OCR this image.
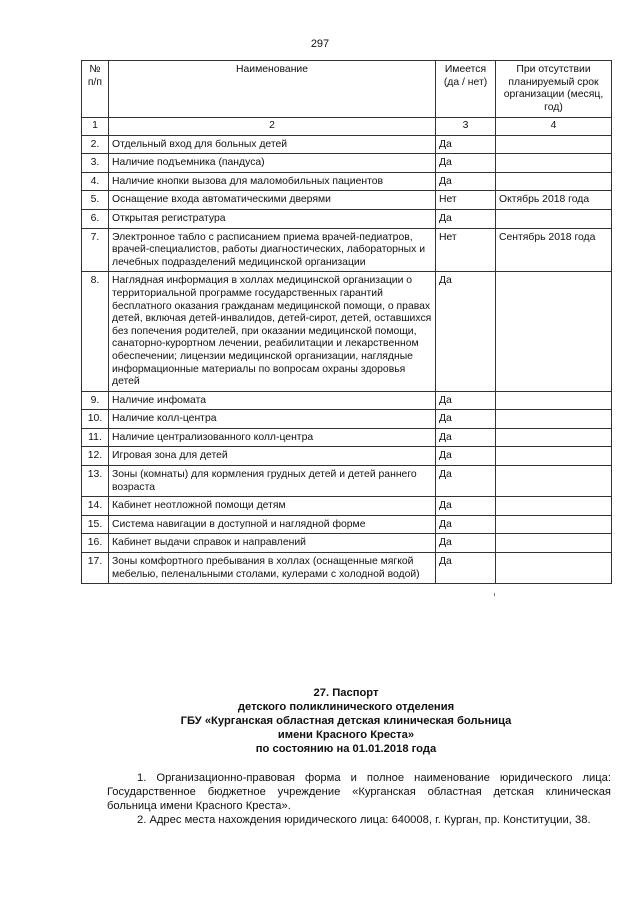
297
№ п/п	Наименование	Имеется (да / нет)	При отсутствии планируемый срок организации (месяц, год)
1	2	3	4
2.	Отдельный вход для больных детей	Да	
3.	Наличие подъемника (пандуса)	Да	
4.	Наличие кнопки вызова для маломобильных пациентов	Да	
5.	Оснащение входа автоматическими дверями	Нет	Октябрь 2018 года
6.	Открытая регистратура	Да	
7.	Электронное табло с расписанием приема врачей-педиатров, врачей-специалистов, работы диагностических, лабораторных и лечебных подразделений медицинской организации	Нет	Сентябрь 2018 года
8.	Наглядная информация в холлах медицинской организации о территориальной программе государственных гарантий бесплатного оказания гражданам медицинской помощи, о правах детей, включая детей-инвалидов, детей-сирот, детей, оставшихся без попечения родителей, при оказании медицинской помощи, санаторно-курортном лечении, реабилитации и лекарственном обеспечении; лицензии медицинской организации, наглядные информационные материалы по вопросам охраны здоровья детей	Да	
9.	Наличие инфомата	Да	
10.	Наличие колл-центра	Да	
11.	Наличие централизованного колл-центра	Да	
12.	Игровая зона для детей	Да	
13.	Зоны (комнаты) для кормления грудных детей и детей раннего возраста	Да	
14.	Кабинет неотложной помощи детям	Да	
15.	Система навигации в доступной и наглядной форме	Да	
16.	Кабинет выдачи справок и направлений	Да	
17.	Зоны комфортного пребывания в холлах (оснащенные мягкой мебелью, пеленальными столами, кулерами с холодной водой)	Да	
27. Паспорт
детского поликлинического отделения
ГБУ «Курганская областная детская клиническая больница
имени Красного Креста»
по состоянию на 01.01.2018 года

1. Организационно-правовая форма и полное наименование юридического лица: Государственное бюджетное учреждение «Курганская областная детская клиническая больница имени Красного Креста».

2. Адрес места нахождения юридического лица: 640008, г. Курган, пр. Конституции, 38.
